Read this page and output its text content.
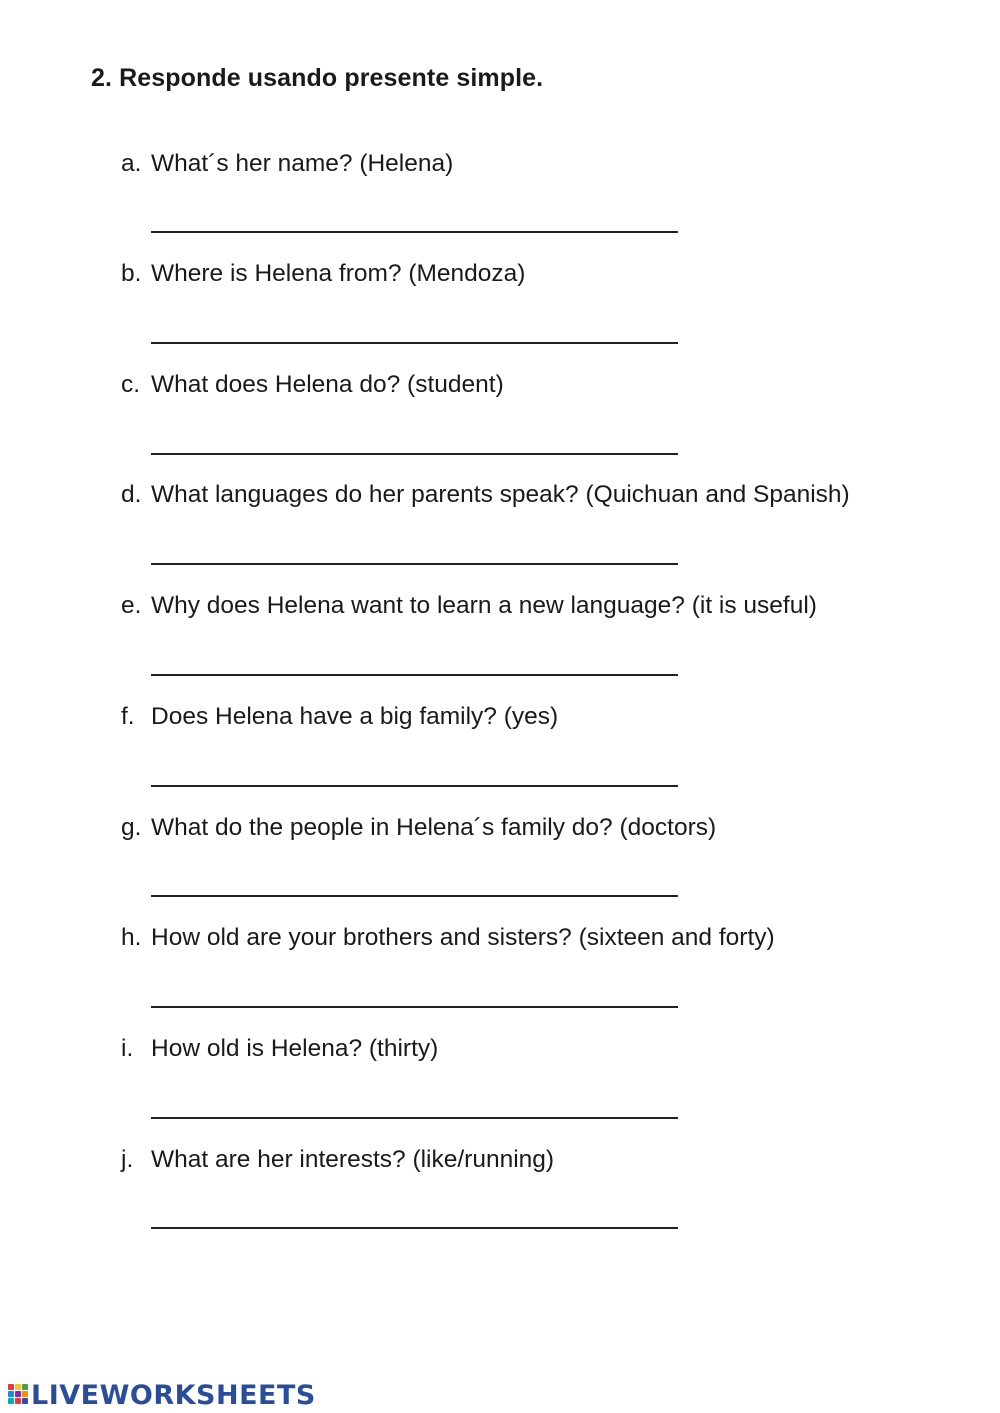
2. Responde usando presente simple.
a. What´s her name? (Helena)
b. Where is Helena from? (Mendoza)
c. What does Helena do? (student)
d. What languages do her parents speak? (Quichuan and Spanish)
e. Why does Helena want to learn a new language? (it is useful)
f. Does Helena have a big family? (yes)
g. What do the people in Helena´s family do? (doctors)
h. How old are your brothers and sisters? (sixteen and forty)
i. How old is Helena? (thirty)
j. What are her interests? (like/running)
LIVEWORKSHEETS
